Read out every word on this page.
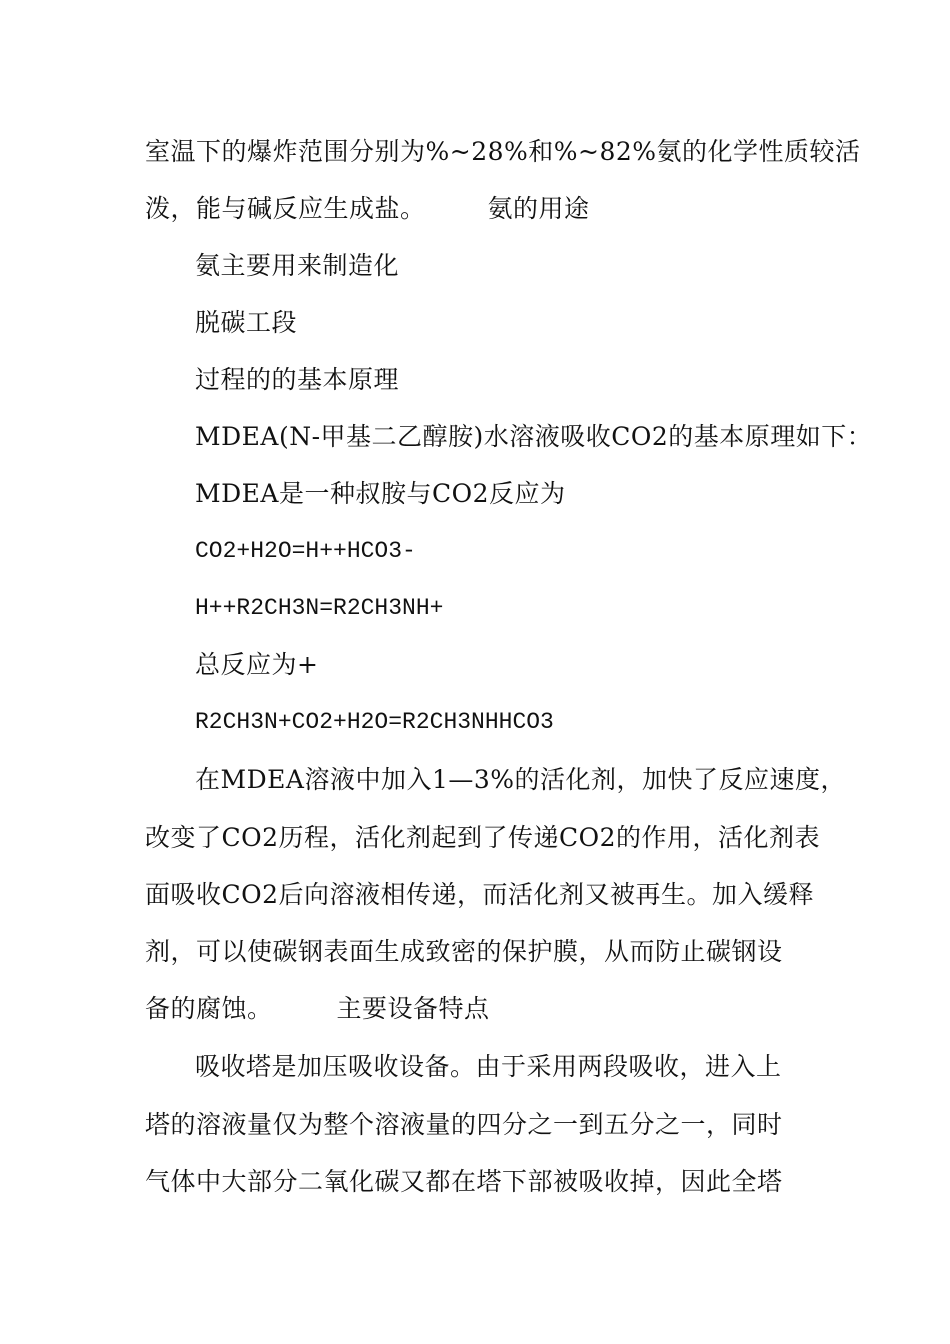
室温下的爆炸范围分别为%~28%和%~82%氨的化学性质较活
泼，能与碱反应生成盐。 氨的用途
氨主要用来制造化
脱碳工段
过程的的基本原理
MDEA(N-甲基二乙醇胺)水溶液吸收CO2的基本原理如下：
MDEA是一种叔胺与CO2反应为
CO2+H2O=H++HCO3-
H++R2CH3N=R2CH3NH+
总反应为+
R2CH3N+CO2+H2O=R2CH3NHHCO3
在MDEA溶液中加入1—3%的活化剂，加快了反应速度，
改变了CO2历程，活化剂起到了传递CO2的作用，活化剂表
面吸收CO2后向溶液相传递，而活化剂又被再生。加入缓释
剂，可以使碳钢表面生成致密的保护膜，从而防止碳钢设
备的腐蚀。	主要设备特点
吸收塔是加压吸收设备。由于采用两段吸收，进入上
塔的溶液量仅为整个溶液量的四分之一到五分之一，同时
气体中大部分二氧化碳又都在塔下部被吸收掉，因此全塔
